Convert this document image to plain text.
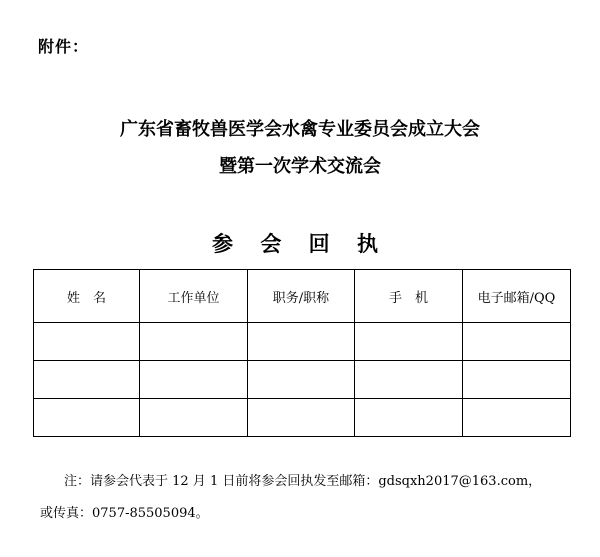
附件：
广东省畜牧兽医学会水禽专业委员会成立大会
暨第一次学术交流会
参 会 回 执
姓　名	工作单位	职务/职称	手　机	电子邮箱/QQ

注：请参会代表于 12 月 1 日前将参会回执发至邮箱：gdsqxh2017@163.com，
或传真：0757-85505094。
